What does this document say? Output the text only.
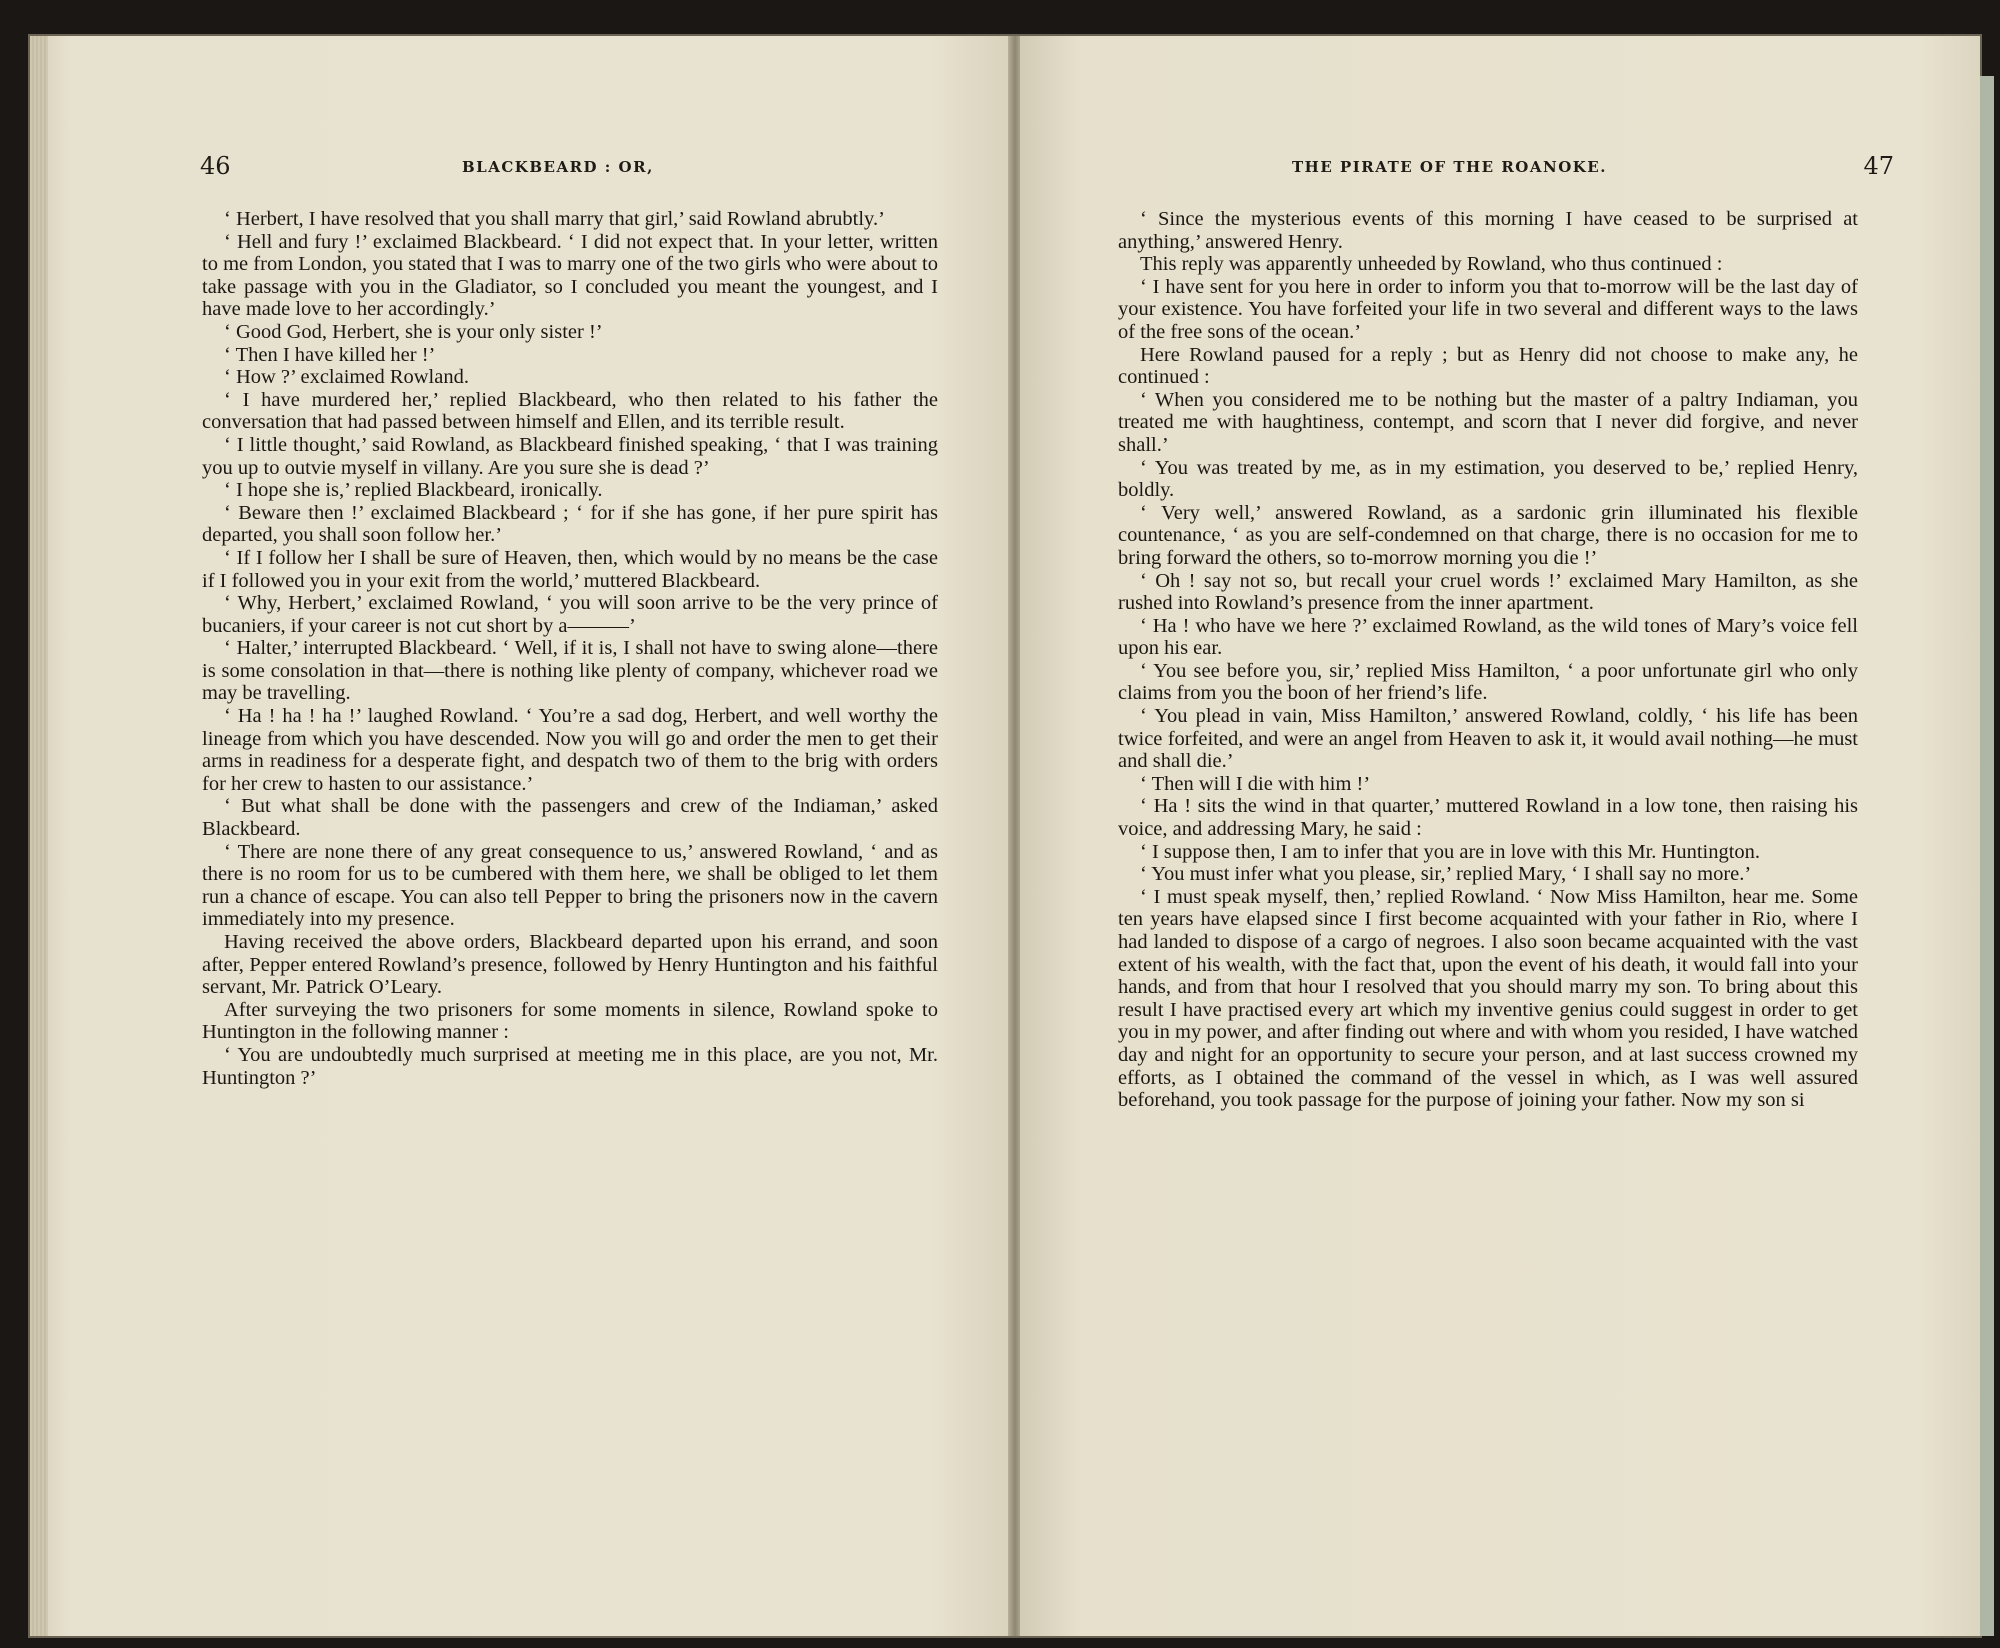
46	BLACKBEARD : OR,

‘ Herbert, I have resolved that you shall marry that girl,’ said Rowland abrubtly.’

‘ Hell and fury !’ exclaimed Blackbeard. ‘ I did not expect that. In your letter, written to me from London, you stated that I was to marry one of the two girls who were about to take passage with you in the Gladiator, so I concluded you meant the youngest, and I have made love to her accordingly.’

‘ Good God, Herbert, she is your only sister !’

‘ Then I have killed her !’

‘ How ?’ exclaimed Rowland.

‘ I have murdered her,’ replied Blackbeard, who then related to his father the conversation that had passed between himself and Ellen, and its terrible result.

‘ I little thought,’ said Rowland, as Blackbeard finished speaking, ‘ that I was training you up to outvie myself in villany. Are you sure she is dead ?’

‘ I hope she is,’ replied Blackbeard, ironically.

‘ Beware then !’ exclaimed Blackbeard ; ‘ for if she has gone, if her pure spirit has departed, you shall soon follow her.’

‘ If I follow her I shall be sure of Heaven, then, which would by no means be the case if I followed you in your exit from the world,’ muttered Blackbeard.

‘ Why, Herbert,’ exclaimed Rowland, ‘ you will soon arrive to be the very prince of bucaniers, if your career is not cut short by a———’

‘ Halter,’ interrupted Blackbeard. ‘ Well, if it is, I shall not have to swing alone—there is some consolation in that—there is nothing like plenty of company, whichever road we may be travelling.

‘ Ha ! ha ! ha !’ laughed Rowland. ‘ You’re a sad dog, Herbert, and well worthy the lineage from which you have descended. Now you will go and order the men to get their arms in readiness for a desperate fight, and despatch two of them to the brig with orders for her crew to hasten to our assistance.’

‘ But what shall be done with the passengers and crew of the Indiaman,’ asked Blackbeard.

‘ There are none there of any great consequence to us,’ answered Rowland, ‘ and as there is no room for us to be cumbered with them here, we shall be obliged to let them run a chance of escape. You can also tell Pepper to bring the prisoners now in the cavern immediately into my presence.

Having received the above orders, Blackbeard departed upon his errand, and soon after, Pepper entered Rowland’s presence, followed by Henry Huntington and his faithful servant, Mr. Patrick O’Leary.

After surveying the two prisoners for some moments in silence, Rowland spoke to Huntington in the following manner :

‘ You are undoubtedly much surprised at meeting me in this place, are you not, Mr. Huntington ?’

THE PIRATE OF THE ROANOKE.	47

‘ Since the mysterious events of this morning I have ceased to be surprised at anything,’ answered Henry.

This reply was apparently unheeded by Rowland, who thus continued :

‘ I have sent for you here in order to inform you that to-morrow will be the last day of your existence. You have forfeited your life in two several and different ways to the laws of the free sons of the ocean.’

Here Rowland paused for a reply ; but as Henry did not choose to make any, he continued :

‘ When you considered me to be nothing but the master of a paltry Indiaman, you treated me with haughtiness, contempt, and scorn that I never did forgive, and never shall.’

‘ You was treated by me, as in my estimation, you deserved to be,’ replied Henry, boldly.

‘ Very well,’ answered Rowland, as a sardonic grin illuminated his flexible countenance, ‘ as you are self-condemned on that charge, there is no occasion for me to bring forward the others, so to-morrow morning you die !’

‘ Oh ! say not so, but recall your cruel words !’ exclaimed Mary Hamilton, as she rushed into Rowland’s presence from the inner apartment.

‘ Ha ! who have we here ?’ exclaimed Rowland, as the wild tones of Mary’s voice fell upon his ear.

‘ You see before you, sir,’ replied Miss Hamilton, ‘ a poor unfortunate girl who only claims from you the boon of her friend’s life.

‘ You plead in vain, Miss Hamilton,’ answered Rowland, coldly, ‘ his life has been twice forfeited, and were an angel from Heaven to ask it, it would avail nothing—he must and shall die.’

‘ Then will I die with him !’

‘ Ha ! sits the wind in that quarter,’ muttered Rowland in a low tone, then raising his voice, and addressing Mary, he said :

‘ I suppose then, I am to infer that you are in love with this Mr. Huntington.

‘ You must infer what you please, sir,’ replied Mary, ‘ I shall say no more.’

‘ I must speak myself, then,’ replied Rowland. ‘ Now Miss Hamilton, hear me. Some ten years have elapsed since I first become acquainted with your father in Rio, where I had landed to dispose of a cargo of negroes. I also soon became acquainted with the vast extent of his wealth, with the fact that, upon the event of his death, it would fall into your hands, and from that hour I resolved that you should marry my son. To bring about this result I have practised every art which my inventive genius could suggest in order to get you in my power, and after finding out where and with whom you resided, I have watched day and night for an opportunity to secure your person, and at last success crowned my efforts, as I obtained the command of the vessel in which, as I was well assured beforehand, you took passage for the purpose of joining your father. Now my son si
